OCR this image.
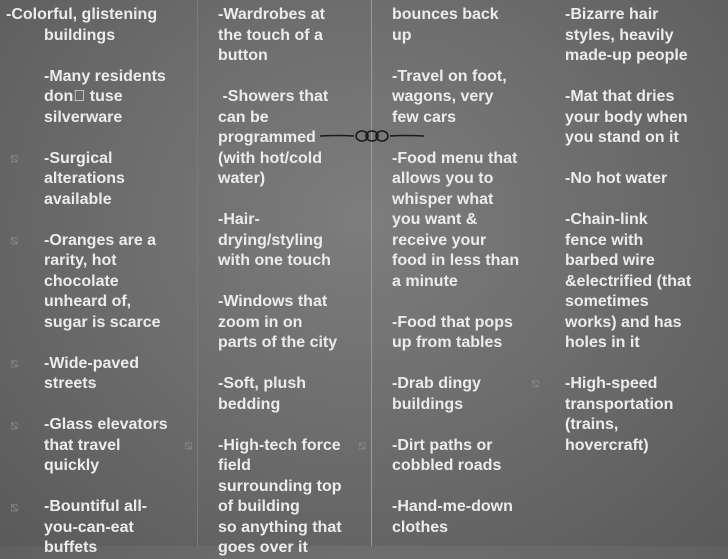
-Colorful, glistening

buildings

-Many residents

don tuse

silverware

-Surgical

alterations

available

-Oranges are a

rarity, hot

chocolate

unheard of,

sugar is scarce

-Wide-paved

streets

-Glass elevators

that travel

quickly

-Bountiful all-

you-can-eat

buffets

⧅
⧅
⧅
⧅
⧅

-Wardrobes at

the touch of a

button

-Showers that

can be

programmed

(with hot/cold

water)

-Hair-

drying/styling

with one touch

-Windows that

zoom in on

parts of the city

-Soft, plush

bedding

-High-tech force

field

surrounding top

of building

so anything that

goes over it

⧅

bounces back

up

-Travel on foot,

wagons, very

few cars

-Food menu that

allows you to

whisper what

you want &

receive your

food in less than

a minute

-Food that pops

up from tables

-Drab dingy

buildings

-Dirt paths or

cobbled roads

-Hand-me-down

clothes

⧅

-Bizarre hair

styles, heavily

made-up people

-Mat that dries

your body when

you stand on it

-No hot water

-Chain-link

fence with

barbed wire

&electrified (that

sometimes

works) and has

holes in it

-High-speed

transportation

(trains,

hovercraft)

⧅
